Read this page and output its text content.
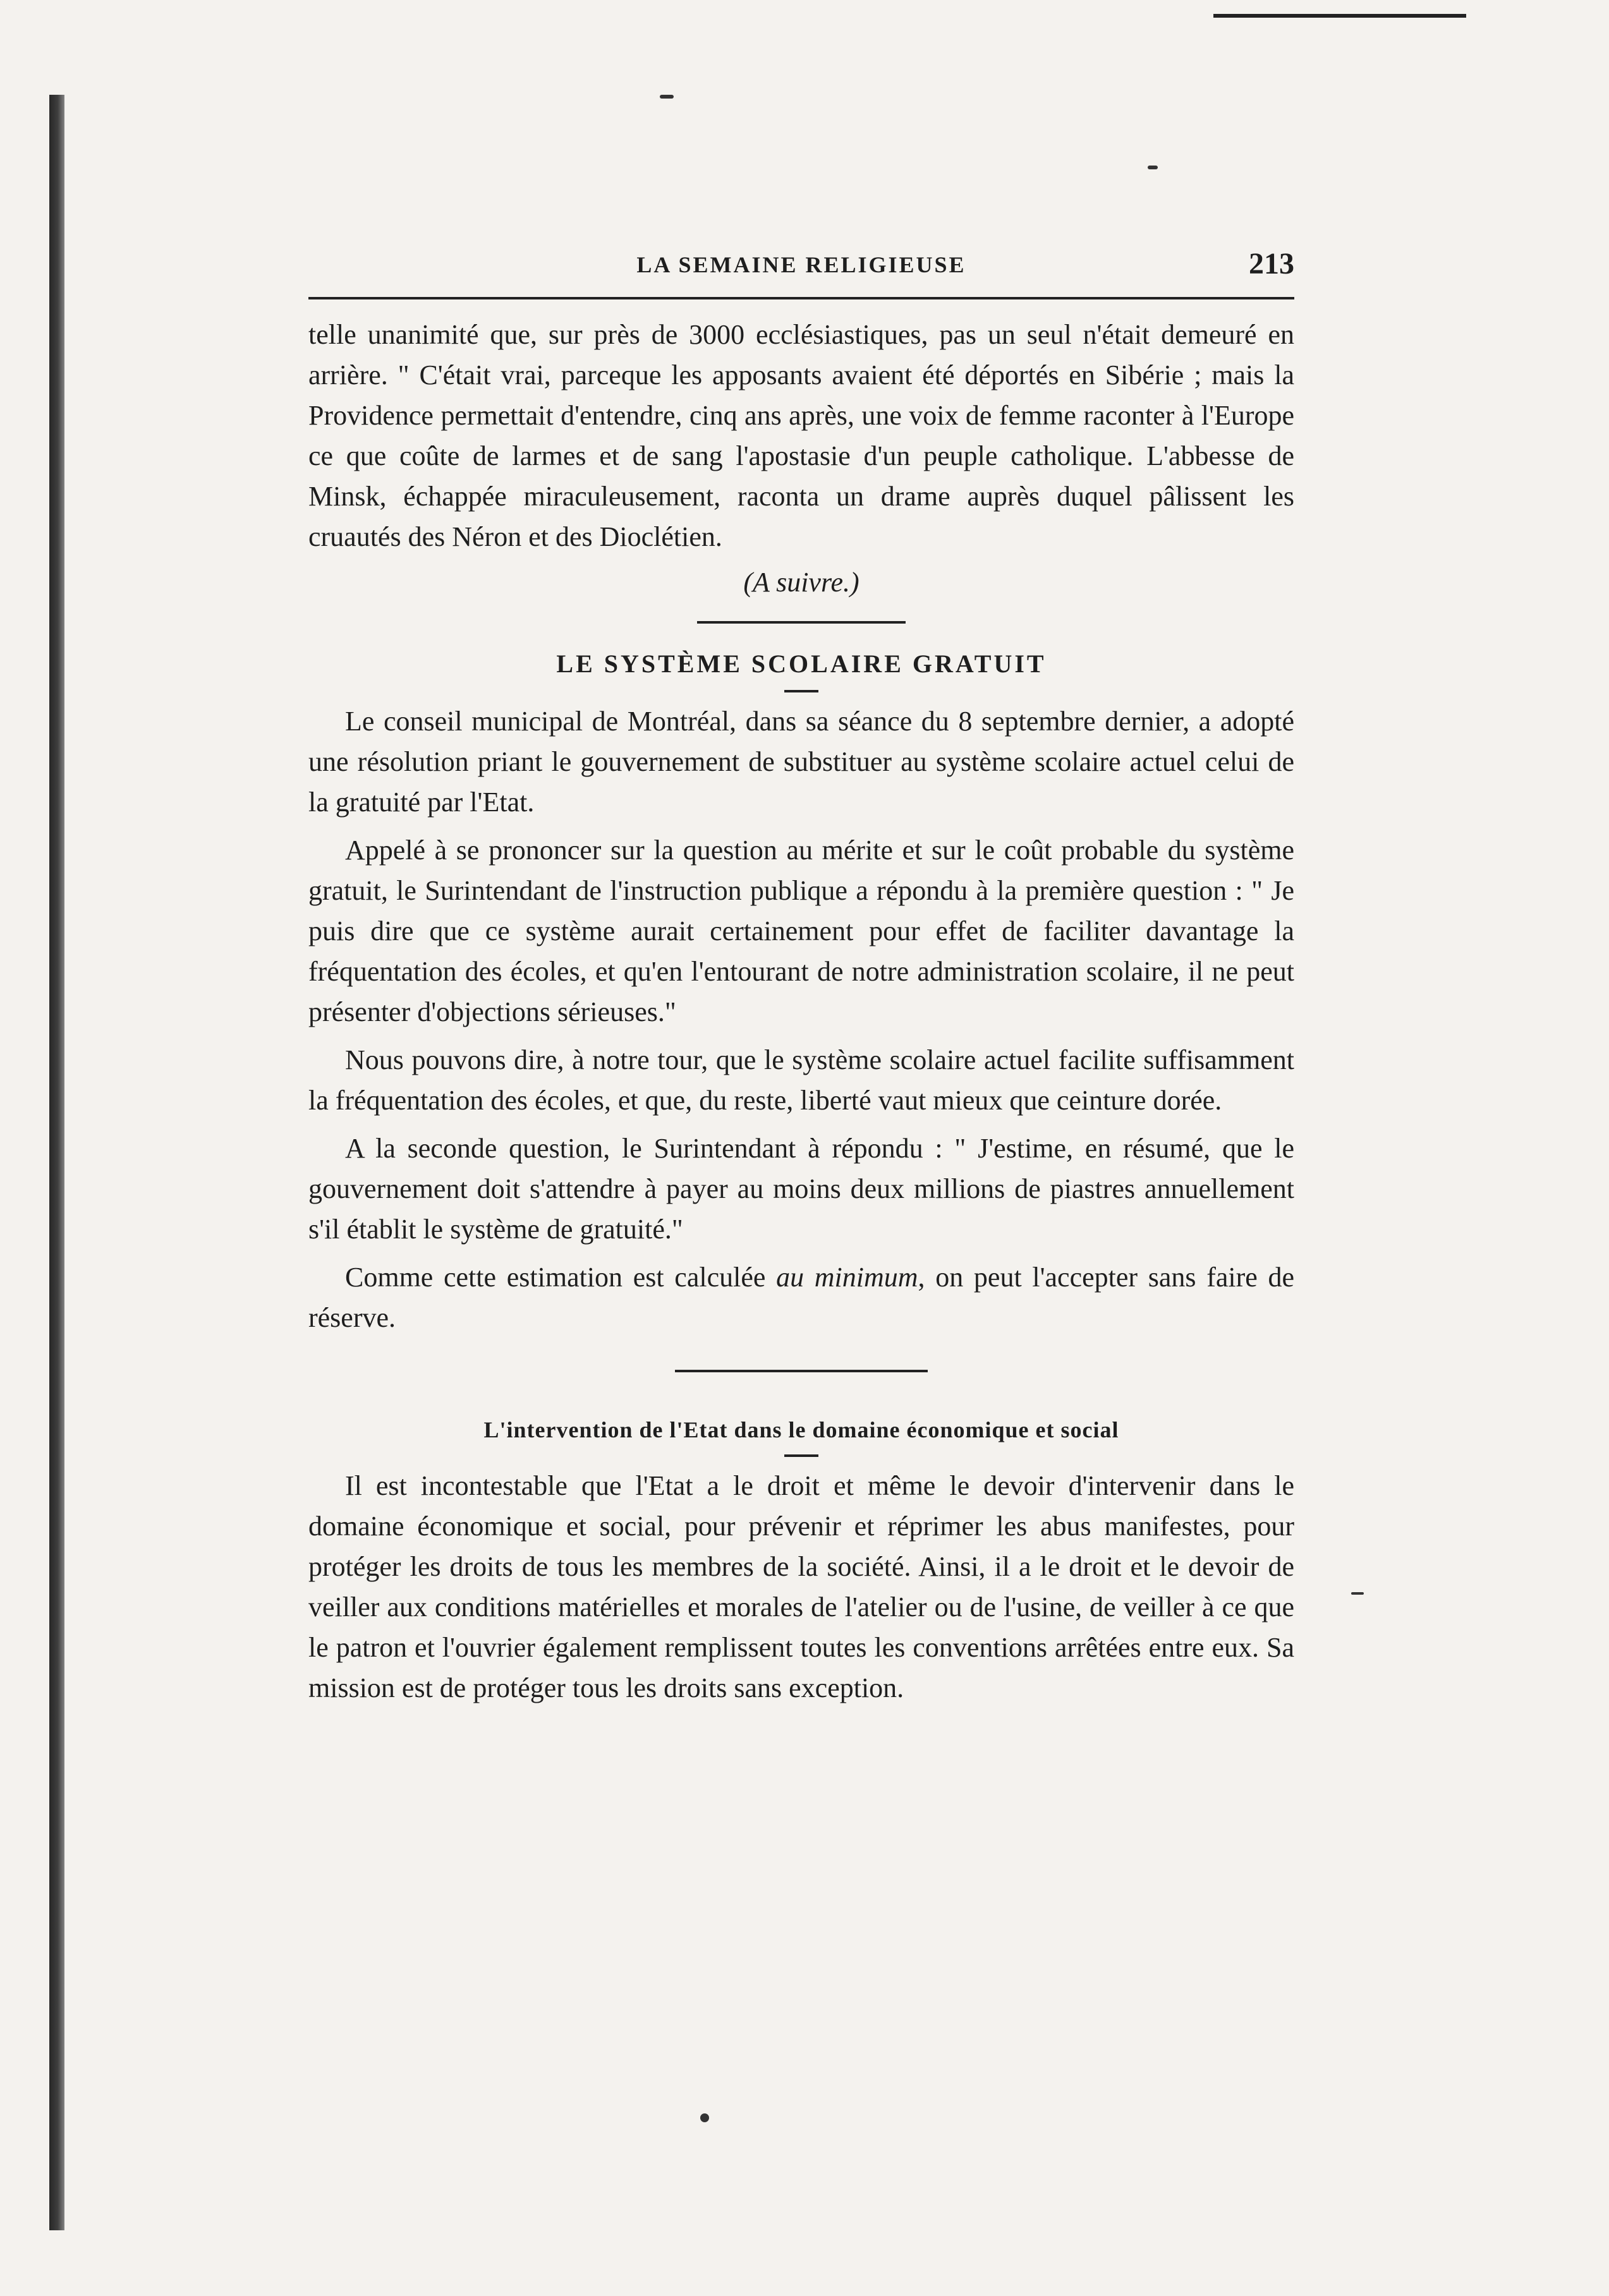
LA SEMAINE RELIGIEUSE	213

telle unanimité que, sur près de 3000 ecclésiastiques, pas un seul n'était demeuré en arrière. " C'était vrai, parceque les apposants avaient été déportés en Sibérie ; mais la Providence permettait d'entendre, cinq ans après, une voix de femme raconter à l'Europe ce que coûte de larmes et de sang l'apostasie d'un peuple catholique. L'abbesse de Minsk, échappée miraculeusement, raconta un drame auprès duquel pâlissent les cruautés des Néron et des Dioclétien.

(A suivre.)
LE SYSTÈME SCOLAIRE GRATUIT

Le conseil municipal de Montréal, dans sa séance du 8 septembre dernier, a adopté une résolution priant le gouvernement de substituer au système scolaire actuel celui de la gratuité par l'Etat.

Appelé à se prononcer sur la question au mérite et sur le coût probable du système gratuit, le Surintendant de l'instruction publique a répondu à la première question : " Je puis dire que ce système aurait certainement pour effet de faciliter davantage la fréquentation des écoles, et qu'en l'entourant de notre administration scolaire, il ne peut présenter d'objections sérieuses."

Nous pouvons dire, à notre tour, que le système scolaire actuel facilite suffisamment la fréquentation des écoles, et que, du reste, liberté vaut mieux que ceinture dorée.

A la seconde question, le Surintendant à répondu : " J'estime, en résumé, que le gouvernement doit s'attendre à payer au moins deux millions de piastres annuellement s'il établit le système de gratuité."

Comme cette estimation est calculée au minimum, on peut l'accepter sans faire de réserve.

L'intervention de l'Etat dans le domaine économique et social

Il est incontestable que l'Etat a le droit et même le devoir d'intervenir dans le domaine économique et social, pour prévenir et réprimer les abus manifestes, pour protéger les droits de tous les membres de la société. Ainsi, il a le droit et le devoir de veiller aux conditions matérielles et morales de l'atelier ou de l'usine, de veiller à ce que le patron et l'ouvrier également remplissent toutes les conventions arrêtées entre eux. Sa mission est de protéger tous les droits sans exception.
